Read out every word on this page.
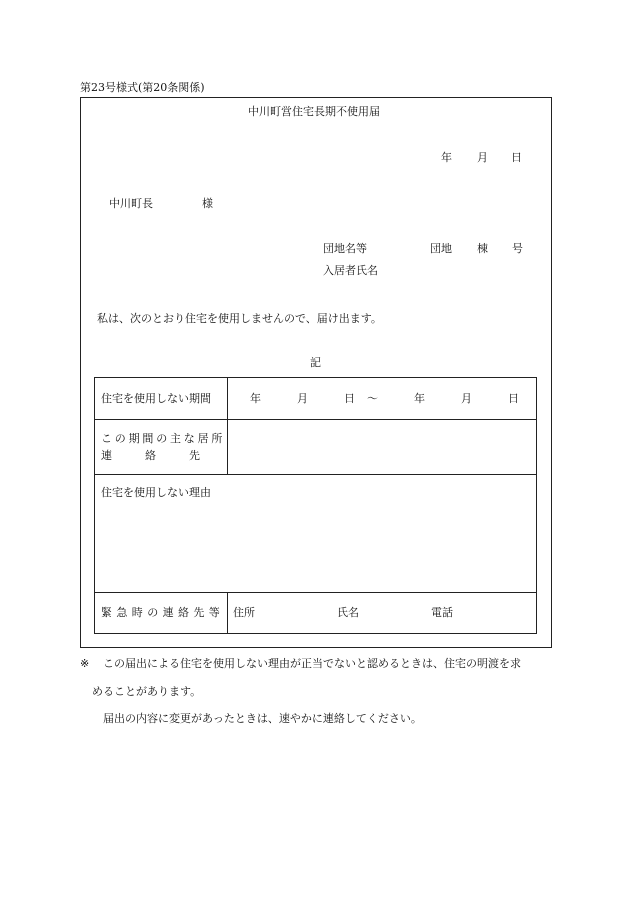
第23号様式(第20条関係)
中川町営住宅長期不使用届
年 月 日
中川町長	様
団地名等	団地 棟 号
入居者氏名
私は、次のとおり住宅を使用しませんので、届け出ます。
記
住宅を使用しない期間	年	月	日 ～	年	月	日
この期間の主な居所
連　　　絡　　　先
住宅を使用しない理由
緊急時の連絡先等 住所	氏名	電話
※ この届出による住宅を使用しない理由が正当でないと認めるときは、住宅の明渡を求
めることがあります。
届出の内容に変更があったときは、速やかに連絡してください。
